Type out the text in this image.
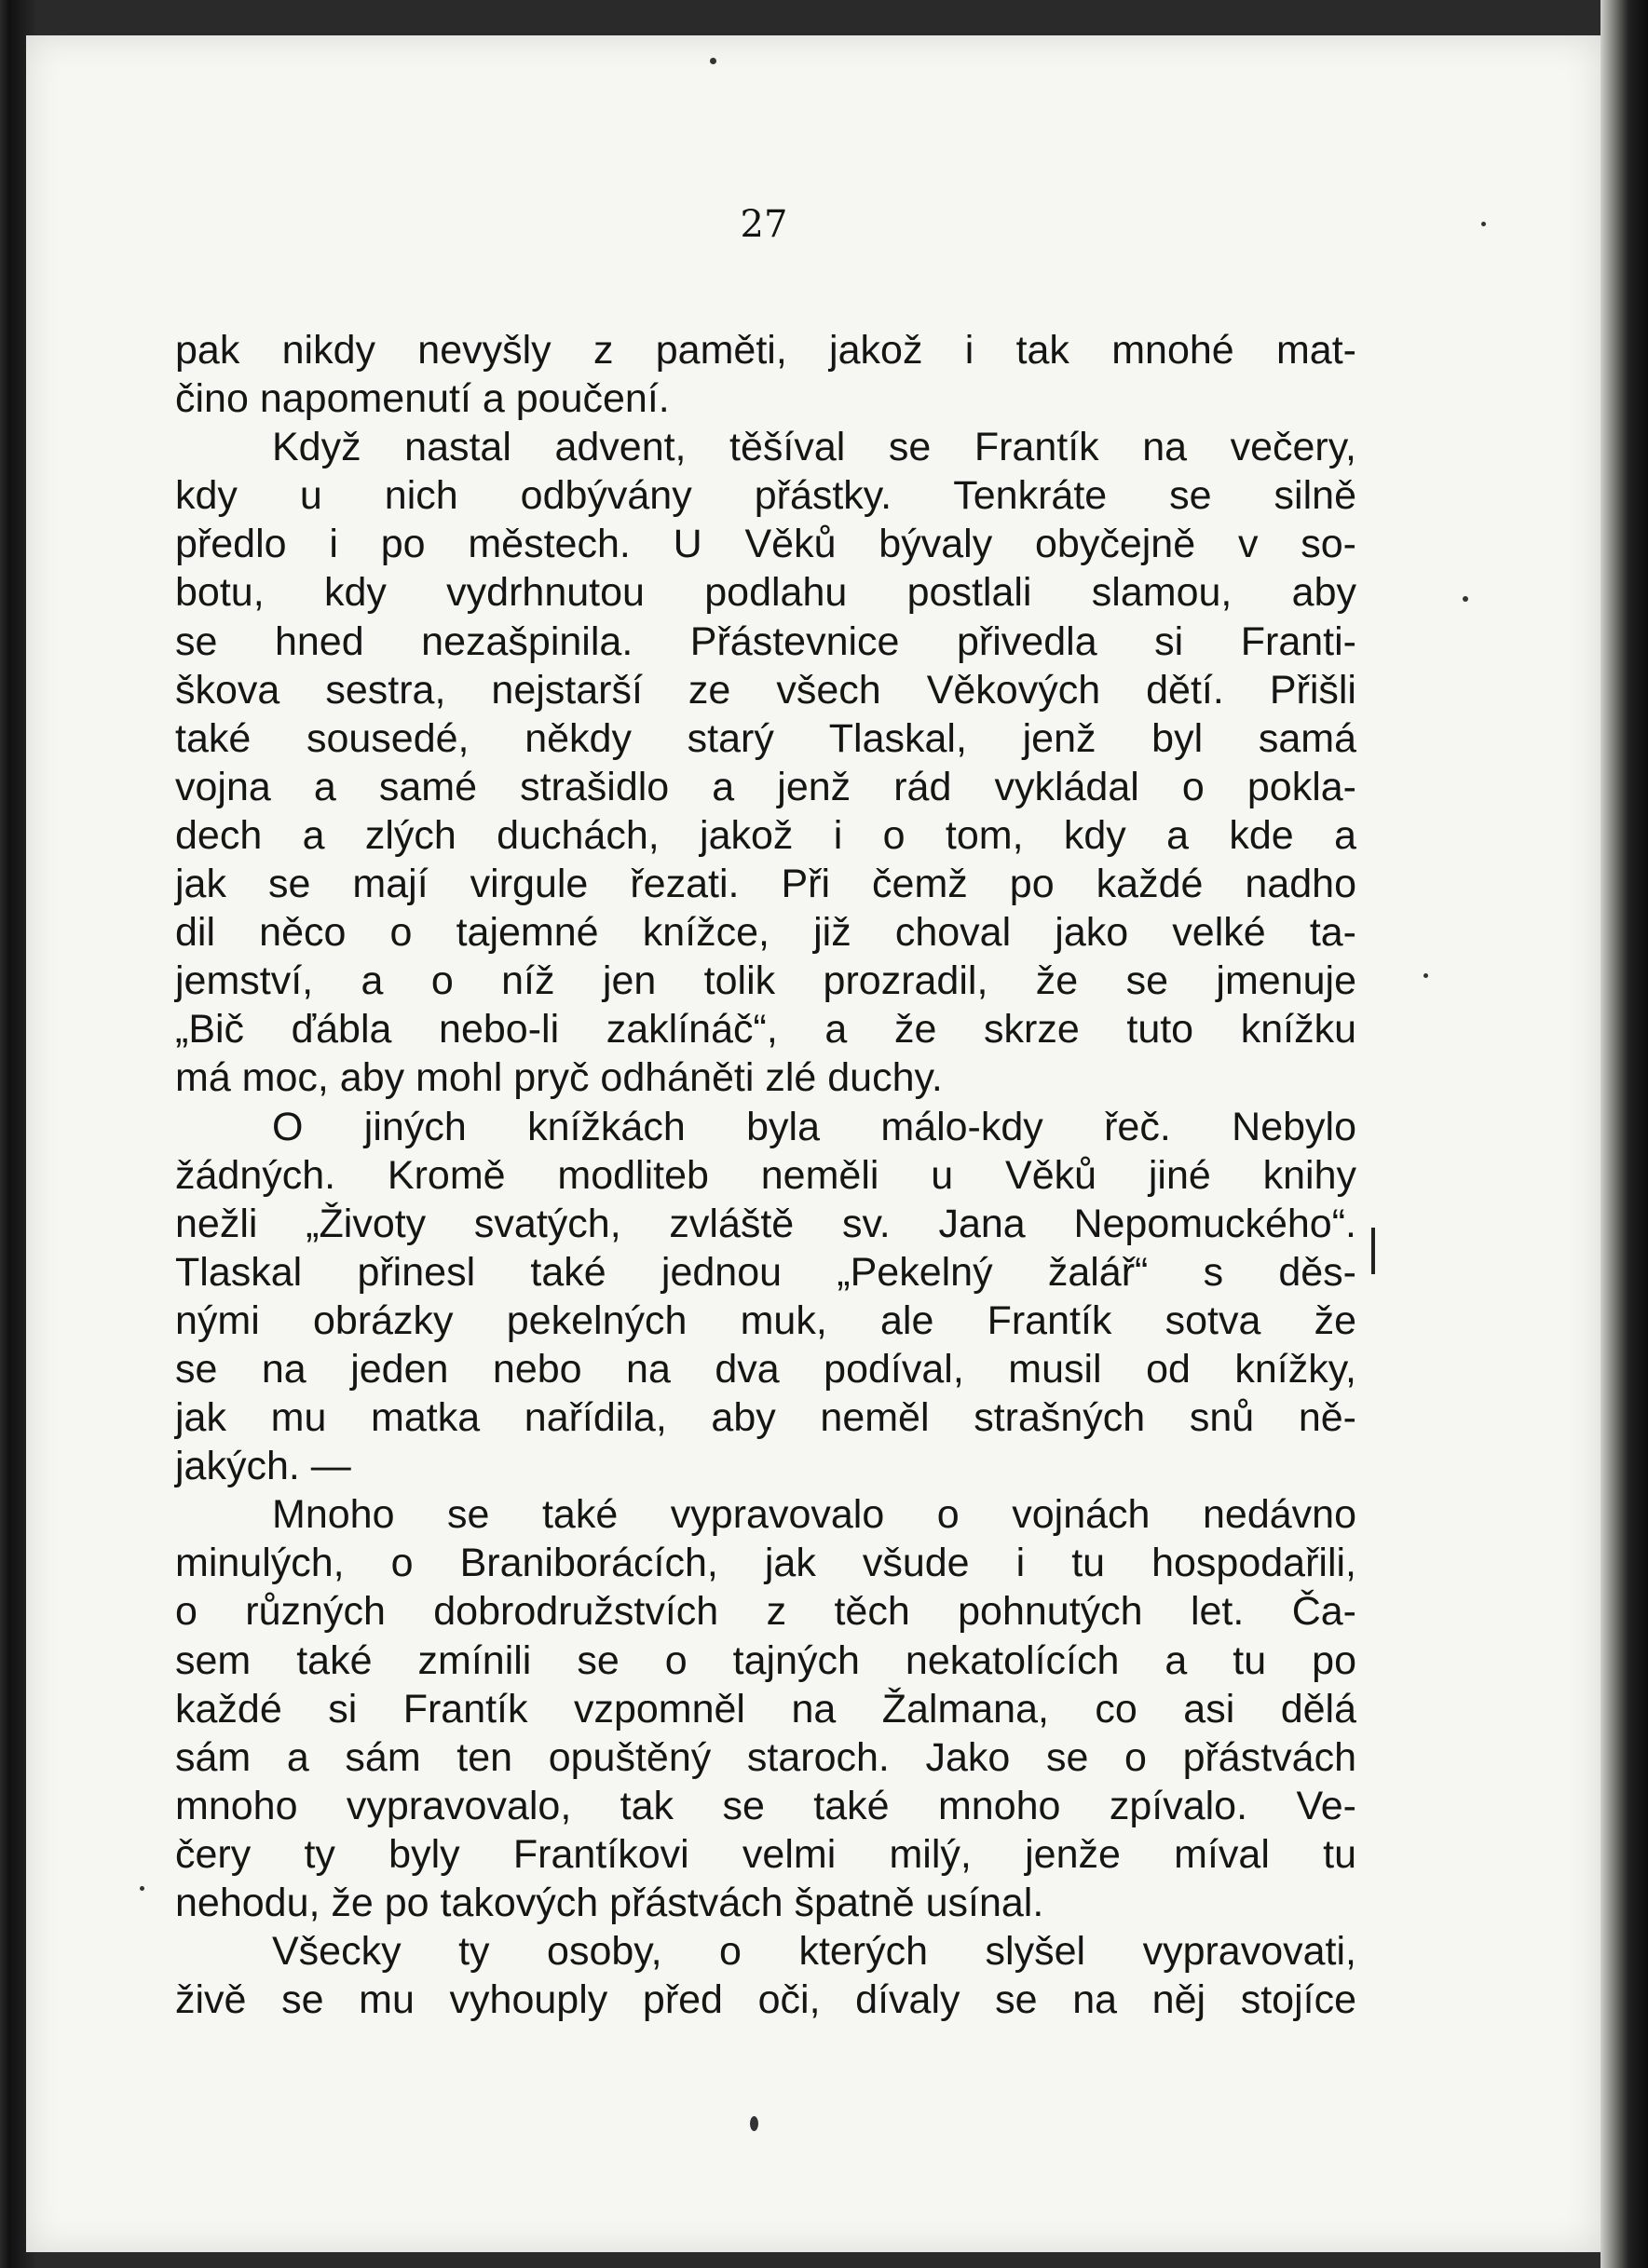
27
pak nikdy nevyšly z paměti, jakož i tak mnohé mat-
čino napomenutí a poučení.
Když nastal advent, těšíval se Frantík na večery,
kdy u nich odbývány přástky. Tenkráte se silně
předlo i po městech. U Věků bývaly obyčejně v so-
botu, kdy vydrhnutou podlahu postlali slamou, aby
se hned nezašpinila. Přástevnice přivedla si Franti-
škova sestra, nejstarší ze všech Věkových dětí. Přišli
také sousedé, někdy starý Tlaskal, jenž byl samá
vojna a samé strašidlo a jenž rád vykládal o pokla-
dech a zlých duchách, jakož i o tom, kdy a kde a
jak se mají virgule řezati. Při čemž po každé nadho
dil něco o tajemné knížce, již choval jako velké ta-
jemství, a o níž jen tolik prozradil, že se jmenuje
„Bič ďábla nebo-li zaklínáč“, a že skrze tuto knížku
má moc, aby mohl pryč odháněti zlé duchy.
O jiných knížkách byla málo-kdy řeč. Nebylo
žádných. Kromě modliteb neměli u Věků jiné knihy
nežli „Životy svatých, zvláště sv. Jana Nepomuckého“.
Tlaskal přinesl také jednou „Pekelný žalář“ s děs-
nými obrázky pekelných muk, ale Frantík sotva že
se na jeden nebo na dva podíval, musil od knížky,
jak mu matka nařídila, aby neměl strašných snů ně-
jakých. —
Mnoho se také vypravovalo o vojnách nedávno
minulých, o Braniborácích, jak všude i tu hospodařili,
o různých dobrodružstvích z těch pohnutých let. Ča-
sem také zmínili se o tajných nekatolících a tu po
každé si Frantík vzpomněl na Žalmana, co asi dělá
sám a sám ten opuštěný staroch. Jako se o přástvách
mnoho vypravovalo, tak se také mnoho zpívalo. Ve-
čery ty byly Frantíkovi velmi milý, jenže míval tu
nehodu, že po takových přástvách špatně usínal.
Všecky ty osoby, o kterých slyšel vypravovati,
živě se mu vyhouply před oči, dívaly se na něj stojíce
